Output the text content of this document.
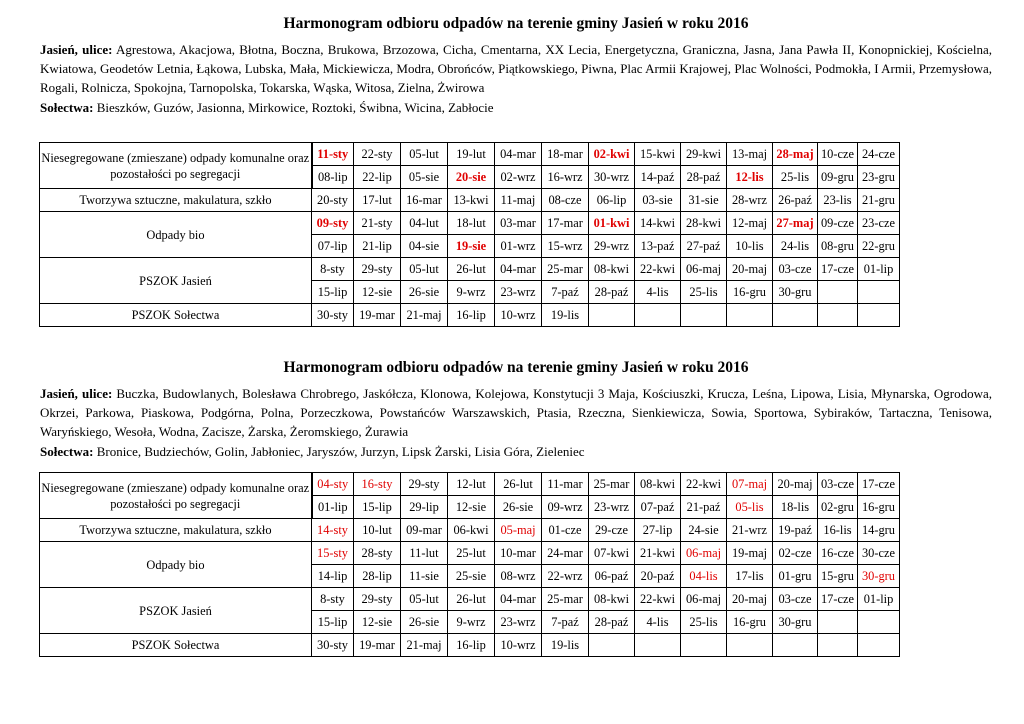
Harmonogram odbioru odpadów na terenie gminy Jasień w roku 2016

Jasień, ulice: Agrestowa, Akacjowa, Błotna, Boczna, Brukowa, Brzozowa, Cicha, Cmentarna, XX Lecia, Energetyczna, Graniczna, Jasna, Jana Pawła II, Konopnickiej, Kościelna, Kwiatowa, Geodetów Letnia, Łąkowa, Lubska, Mała, Mickiewicza, Modra, Obrońców, Piątkowskiego, Piwna, Plac Armii Krajowej, Plac Wolności, Podmokła, I Armii, Przemysłowa, Rogali, Rolnicza, Spokojna, Tarnopolska, Tokarska, Wąska, Witosa, Zielna, Żwirowa

Sołectwa: Bieszków, Guzów, Jasionna, Mirkowice, Roztoki, Świbna, Wicina, Zabłocie

Niesegregowane (zmieszane) odpady komunalne oraz pozostałości po segregacji	11-sty	22-sty	05-lut	19-lut	04-mar	18-mar	02-kwi	15-kwi	29-kwi	13-maj	28-maj	10-cze	24-cze	
	08-lip	22-lip	05-sie	20-sie	02-wrz	16-wrz	30-wrz	14-paź	28-paź	12-lis	25-lis	09-gru	23-gru	
Tworzywa sztuczne, makulatura, szkło	20-sty	17-lut	16-mar	13-kwi	11-maj	08-cze	06-lip	03-sie	31-sie	28-wrz	26-paź	23-lis	21-gru	
Odpady bio	09-sty	21-sty	04-lut	18-lut	03-mar	17-mar	01-kwi	14-kwi	28-kwi	12-maj	27-maj	09-cze	23-cze	
	07-lip	21-lip	04-sie	19-sie	01-wrz	15-wrz	29-wrz	13-paź	27-paź	10-lis	24-lis	08-gru	22-gru	
PSZOK Jasień	8-sty	29-sty	05-lut	26-lut	04-mar	25-mar	08-kwi	22-kwi	06-maj	20-maj	03-cze	17-cze	01-lip	
	15-lip	12-sie	26-sie	9-wrz	23-wrz	7-paź	28-paź	4-lis	25-lis	16-gru	30-gru			
PSZOK Sołectwa	30-sty	19-mar	21-maj	16-lip	10-wrz	19-lis								
Harmonogram odbioru odpadów na terenie gminy Jasień w roku 2016

Jasień, ulice: Buczka, Budowlanych, Bolesława Chrobrego, Jaskółcza, Klonowa, Kolejowa, Konstytucji 3 Maja, Kościuszki, Krucza, Leśna, Lipowa, Lisia, Młynarska, Ogrodowa, Okrzei, Parkowa, Piaskowa, Podgórna, Polna, Porzeczkowa, Powstańców Warszawskich, Ptasia, Rzeczna, Sienkiewicza, Sowia, Sportowa, Sybiraków, Tartaczna, Tenisowa, Waryńskiego, Wesoła, Wodna, Zacisze, Żarska, Żeromskiego, Żurawia

Sołectwa: Bronice, Budziechów, Golin, Jabłoniec, Jaryszów, Jurzyn, Lipsk Żarski, Lisia Góra, Zieleniec

Niesegregowane (zmieszane) odpady komunalne oraz pozostałości po segregacji	04-sty	16-sty	29-sty	12-lut	26-lut	11-mar	25-mar	08-kwi	22-kwi	07-maj	20-maj	03-cze	17-cze	
	01-lip	15-lip	29-lip	12-sie	26-sie	09-wrz	23-wrz	07-paź	21-paź	05-lis	18-lis	02-gru	16-gru	
Tworzywa sztuczne, makulatura, szkło	14-sty	10-lut	09-mar	06-kwi	05-maj	01-cze	29-cze	27-lip	24-sie	21-wrz	19-paź	16-lis	14-gru	
Odpady bio	15-sty	28-sty	11-lut	25-lut	10-mar	24-mar	07-kwi	21-kwi	06-maj	19-maj	02-cze	16-cze	30-cze	
	14-lip	28-lip	11-sie	25-sie	08-wrz	22-wrz	06-paź	20-paź	04-lis	17-lis	01-gru	15-gru	30-gru	
PSZOK Jasień	8-sty	29-sty	05-lut	26-lut	04-mar	25-mar	08-kwi	22-kwi	06-maj	20-maj	03-cze	17-cze	01-lip	
	15-lip	12-sie	26-sie	9-wrz	23-wrz	7-paź	28-paź	4-lis	25-lis	16-gru	30-gru			
PSZOK Sołectwa	30-sty	19-mar	21-maj	16-lip	10-wrz	19-lis								
